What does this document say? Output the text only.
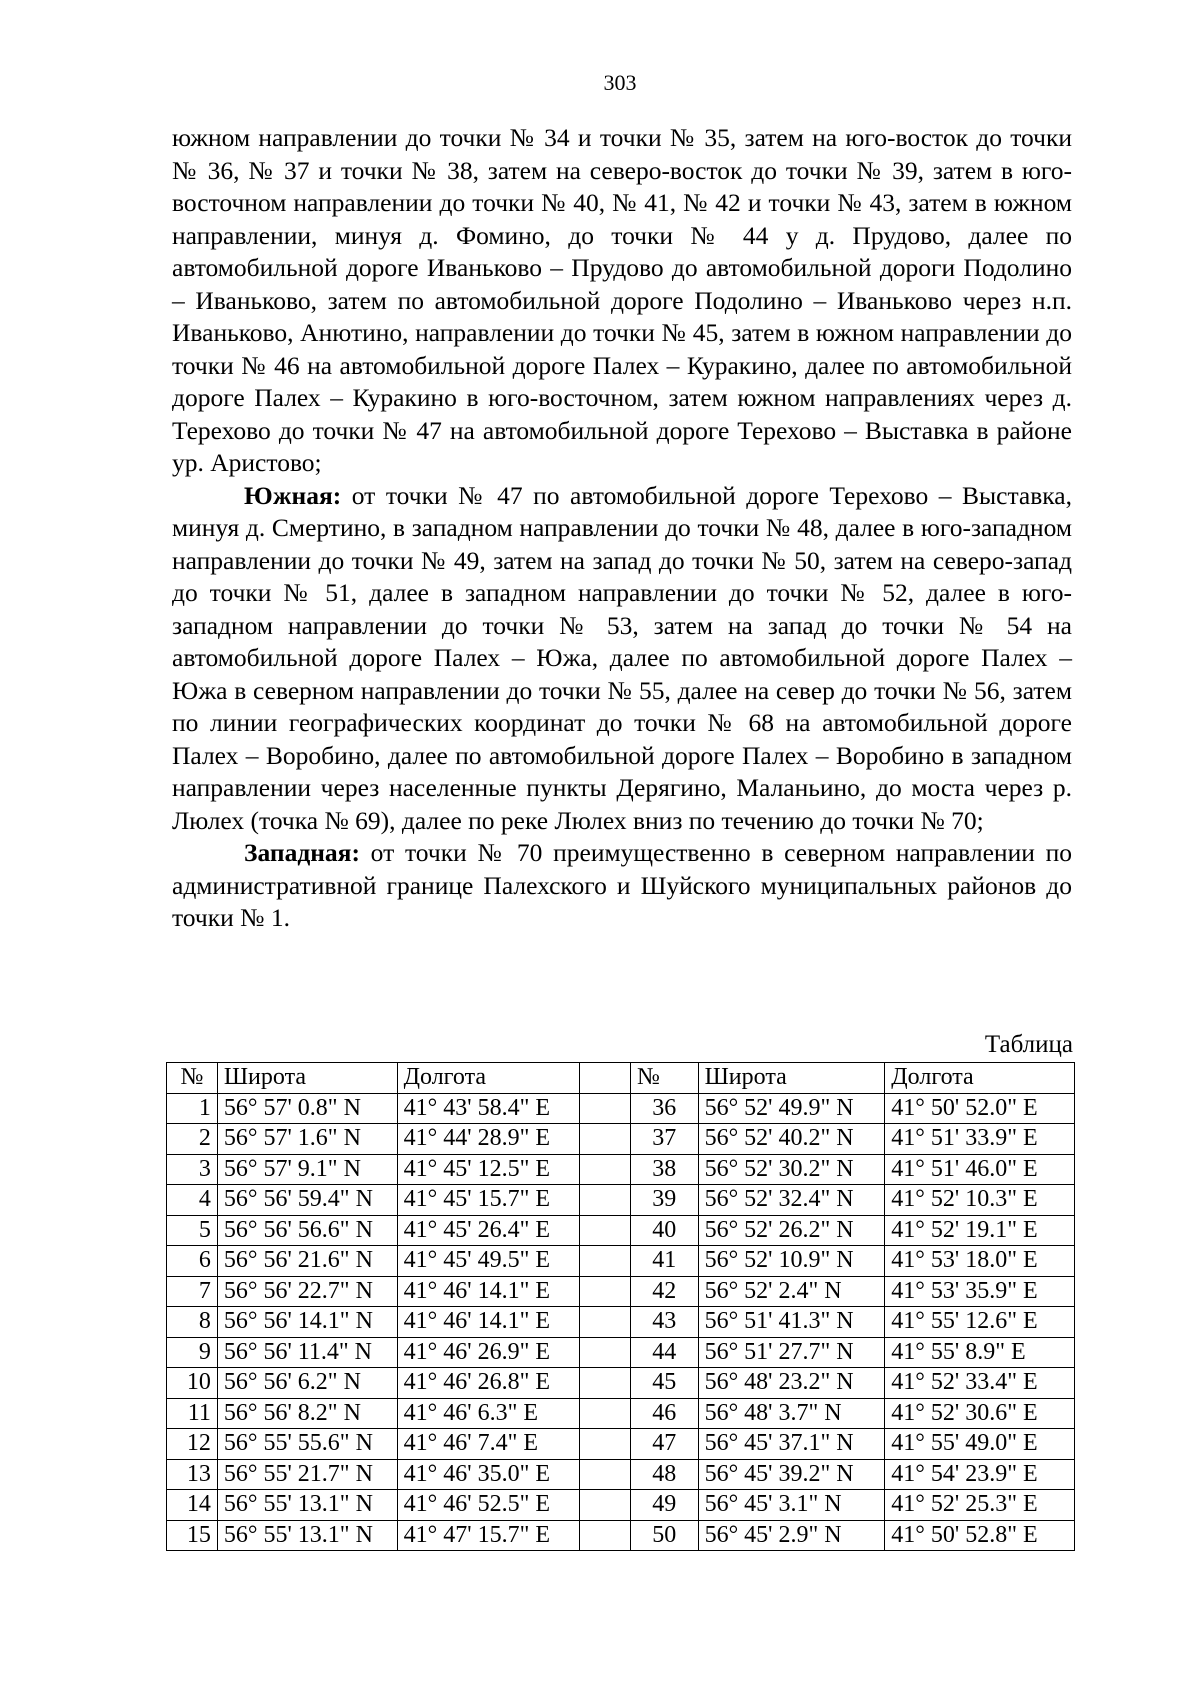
303

южном направлении до точки № 34 и точки № 35, затем на юго-восток до точки № 36, № 37 и точки № 38, затем на северо-восток до точки № 39, затем в юго-восточном направлении до точки № 40, № 41, № 42 и точки № 43, затем в южном направлении, минуя д. Фомино, до точки № 44 у д. Прудово, далее по автомобильной дороге Иваньково – Прудово до автомобильной дороги Подолино – Иваньково, затем по автомобильной дороге Подолино – Иваньково через н.п. Иваньково, Анютино, направлении до точки № 45, затем в южном направлении до точки № 46 на автомобильной дороге Палех – Куракино, далее по автомобильной дороге Палех – Куракино в юго-восточном, затем южном направлениях через д. Терехово до точки № 47 на автомобильной дороге Терехово – Выставка в районе ур. Аристово;

Южная: от точки № 47 по автомобильной дороге Терехово – Выставка, минуя д. Смертино, в западном направлении до точки № 48, далее в юго-западном направлении до точки № 49, затем на запад до точки № 50, затем на северо-запад до точки № 51, далее в западном направлении до точки № 52, далее в юго-западном направлении до точки № 53, затем на запад до точки № 54 на автомобильной дороге Палех – Южа, далее по автомобильной дороге Палех – Южа в северном направлении до точки № 55, далее на север до точки № 56, затем по линии географических координат до точки № 68 на автомобильной дороге Палех – Воробино, далее по автомобильной дороге Палех – Воробино в западном направлении через населенные пункты Дерягино, Маланьино, до моста через р. Люлех (точка № 69), далее по реке Люлех вниз по течению до точки № 70;

Западная: от точки № 70 преимущественно в северном направлении по административной границе Палехского и Шуйского муниципальных районов до точки № 1.

Таблица
№	Широта	Долгота		№	Широта	Долгота
1	56° 57' 0.8" N	41° 43' 58.4" E		36	56° 52' 49.9" N	41° 50' 52.0" E
2	56° 57' 1.6" N	41° 44' 28.9" E		37	56° 52' 40.2" N	41° 51' 33.9" E
3	56° 57' 9.1" N	41° 45' 12.5" E		38	56° 52' 30.2" N	41° 51' 46.0" E
4	56° 56' 59.4" N	41° 45' 15.7" E		39	56° 52' 32.4" N	41° 52' 10.3" E
5	56° 56' 56.6" N	41° 45' 26.4" E		40	56° 52' 26.2" N	41° 52' 19.1" E
6	56° 56' 21.6" N	41° 45' 49.5" E		41	56° 52' 10.9" N	41° 53' 18.0" E
7	56° 56' 22.7" N	41° 46' 14.1" E		42	56° 52' 2.4" N	41° 53' 35.9" E
8	56° 56' 14.1" N	41° 46' 14.1" E		43	56° 51' 41.3" N	41° 55' 12.6" E
9	56° 56' 11.4" N	41° 46' 26.9" E		44	56° 51' 27.7" N	41° 55' 8.9" E
10	56° 56' 6.2" N	41° 46' 26.8" E		45	56° 48' 23.2" N	41° 52' 33.4" E
11	56° 56' 8.2" N	41° 46' 6.3" E		46	56° 48' 3.7" N	41° 52' 30.6" E
12	56° 55' 55.6" N	41° 46' 7.4" E		47	56° 45' 37.1" N	41° 55' 49.0" E
13	56° 55' 21.7" N	41° 46' 35.0" E		48	56° 45' 39.2" N	41° 54' 23.9" E
14	56° 55' 13.1" N	41° 46' 52.5" E		49	56° 45' 3.1" N	41° 52' 25.3" E
15	56° 55' 13.1" N	41° 47' 15.7" E		50	56° 45' 2.9" N	41° 50' 52.8" E
